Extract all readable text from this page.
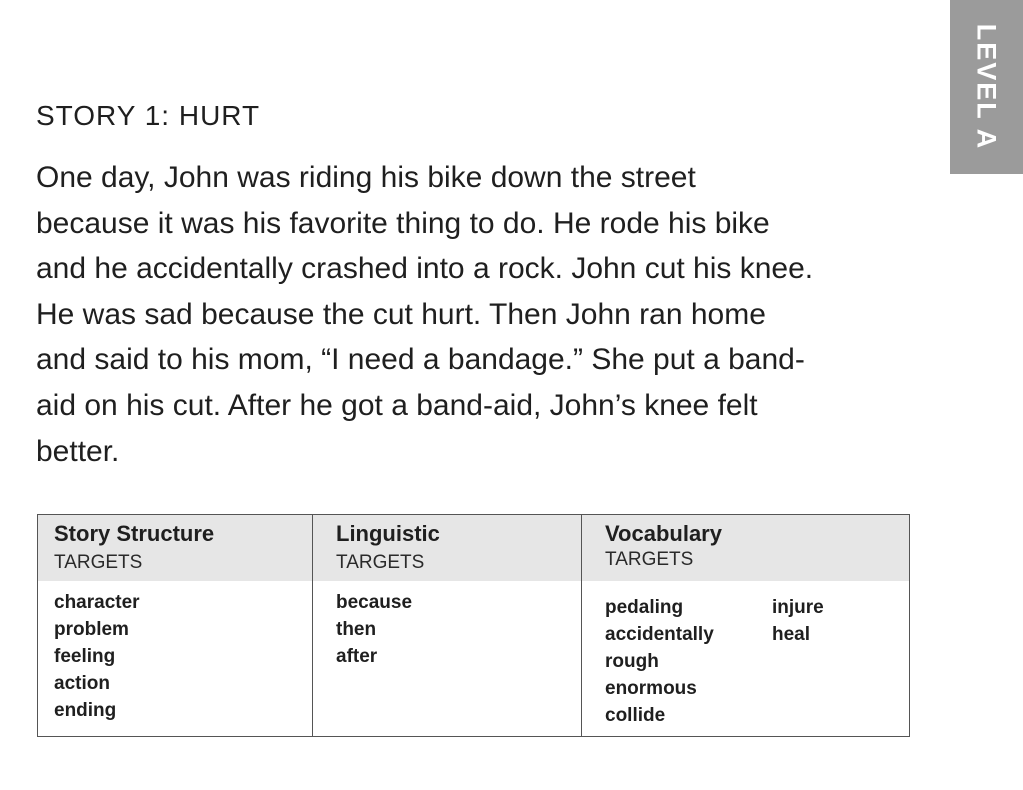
LEVEL A
STORY 1: HURT
One day, John was riding his bike down the street
because it was his favorite thing to do. He rode his bike
and he accidentally crashed into a rock. John cut his knee.
He was sad because the cut hurt. Then John ran home
and said to his mom, “I need a bandage.” She put a band-
aid on his cut. After he got a band-aid, John’s knee felt
better.
Story Structure
TARGETS
character
problem
feeling
action
ending
Linguistic
TARGETS
because
then
after
Vocabulary
TARGETS
pedaling
accidentally
rough
enormous
collide
injure
heal
